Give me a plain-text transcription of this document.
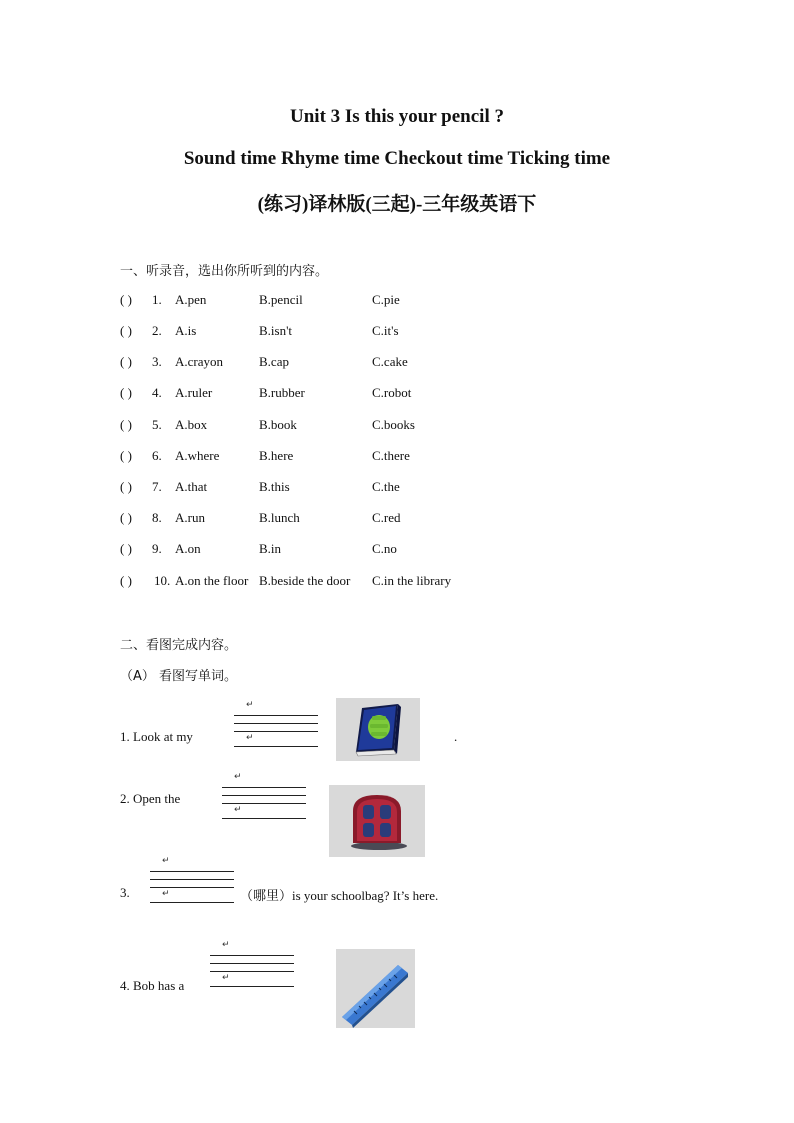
Unit 3 Is this your pencil ?
Sound time Rhyme time Checkout time Ticking time
(练习)译林版(三起)-三年级英语下
一、听录音，选出你所听到的内容。
( ) 1. A.pen	B.pencil	C.pie
( ) 2. A.is	B.isn't	C.it's
( ) 3. A.crayon	B.cap	C.cake
( ) 4. A.ruler	B.rubber	C.robot
( ) 5. A.box	B.book	C.books
( ) 6. A.where	B.here	C.there
( ) 7. A.that	B.this	C.the
( ) 8. A.run	B.lunch	C.red
( ) 9. A.on	B.in	C.no
( ) 10. A.on the floor B.beside the door C.in the library
二、看图完成内容。
（A） 看图写单词。
1. Look at my
↵
↵	.
2. Open the
↵
↵
3.
↵
↵	（哪里）is your schoolbag? It’s here.
4. Bob has a
↵
↵
